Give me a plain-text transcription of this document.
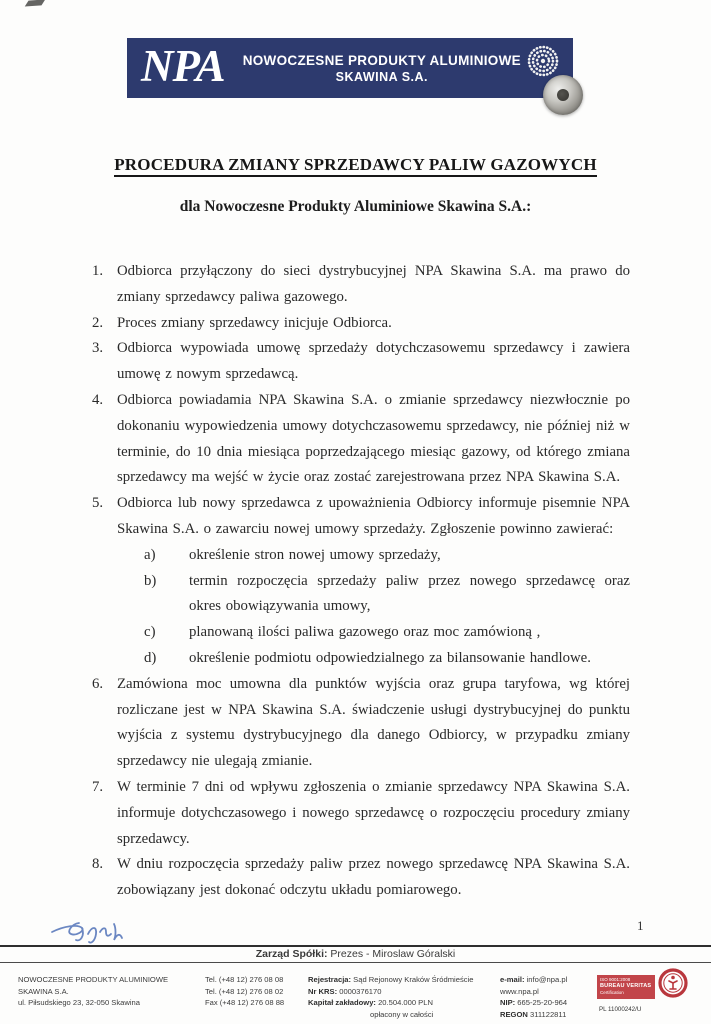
NPA	NOWOCZESNE PRODUKTY ALUMINIOWE
SKAWINA S.A.
PROCEDURA ZMIANY SPRZEDAWCY PALIW GAZOWYCH
dla Nowoczesne Produkty Aluminiowe Skawina S.A.:
1. Odbiorca przyłączony do sieci dystrybucyjnej NPA Skawina S.A. ma prawo do zmiany sprzedawcy paliwa gazowego.
2. Proces zmiany sprzedawcy inicjuje Odbiorca.
3. Odbiorca wypowiada umowę sprzedaży dotychczasowemu sprzedawcy i zawiera umowę z nowym sprzedawcą.
4. Odbiorca powiadamia NPA Skawina S.A. o zmianie sprzedawcy niezwłocznie po dokonaniu wypowiedzenia umowy dotychczasowemu sprzedawcy, nie później niż w terminie, do 10 dnia miesiąca poprzedzającego miesiąc gazowy, od którego zmiana sprzedawcy ma wejść w życie oraz zostać zarejestrowana przez NPA Skawina S.A.
5. Odbiorca lub nowy sprzedawca z upoważnienia Odbiorcy informuje pisemnie NPA Skawina S.A. o zawarciu nowej umowy sprzedaży. Zgłoszenie powinno zawierać:
a)	określenie stron nowej umowy sprzedaży,
b)	termin rozpoczęcia sprzedaży paliw przez nowego sprzedawcę oraz okres obowiązywania umowy,
c)	planowaną ilości paliwa gazowego oraz moc zamówioną ,
d)	określenie podmiotu odpowiedzialnego za bilansowanie handlowe.
6. Zamówiona moc umowna dla punktów wyjścia oraz grupa taryfowa, wg której rozliczane jest w NPA Skawina S.A. świadczenie usługi dystrybucyjnej do punktu wyjścia z systemu dystrybucyjnego dla danego Odbiorcy, w przypadku zmiany sprzedawcy nie ulegają zmianie.
7. W terminie 7 dni od wpływu zgłoszenia o zmianie sprzedawcy NPA Skawina S.A. informuje dotychczasowego i nowego sprzedawcę o rozpoczęciu procedury zmiany sprzedawcy.
8. W dniu rozpoczęcia sprzedaży paliw przez nowego sprzedawcę NPA Skawina S.A. zobowiązany jest dokonać odczytu układu pomiarowego.
1
Zarząd Spółki: Prezes - Miroslaw Góralski
NOWOCZESNE PRODUKTY ALUMINIOWE
SKAWINA S.A.
ul. Piłsudskiego 23, 32-050 Skawina
Tel. (+48 12) 276 08 08
Tel. (+48 12) 276 08 02
Fax (+48 12) 276 08 88
Rejestracja: Sąd Rejonowy Kraków Śródmieście
Nr KRS: 0000376170
Kapitał zakładowy: 20.504.000 PLN
opłacony w całości
e-mail: info@npa.pl
www.npa.pl
NIP: 665-25-20-964
REGON 311122811
ISO 9001:2008
BUREAU VERITAS
Certification
PL 11000242/U
